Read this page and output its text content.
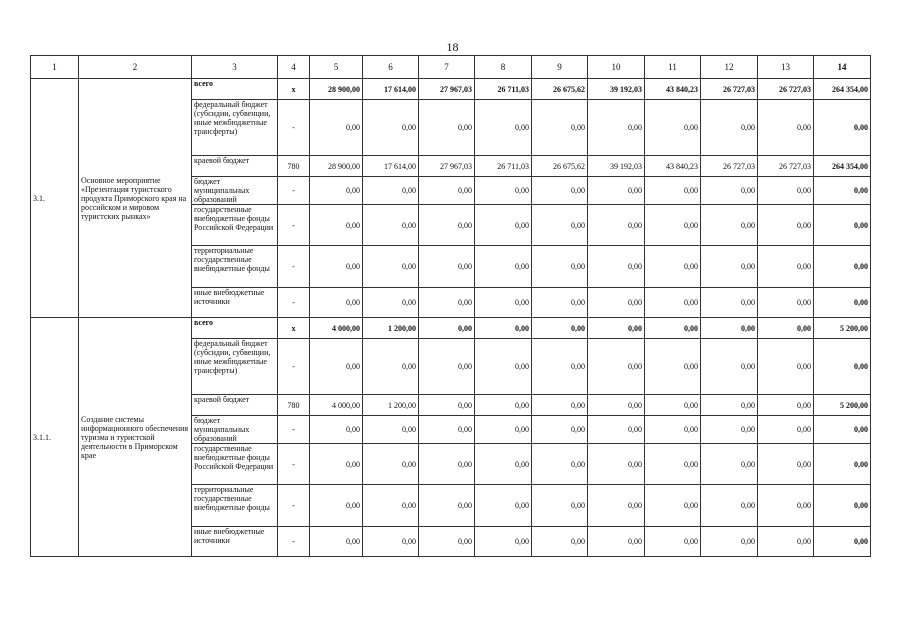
18
1	2	3	4	5	6	7	8	9	10	11	12	13	14
3.1.	Основное мероприятие «Презентация туристского продукта Приморского края на российском и мировом туристских рынках»	всего	x	28 900,00	17 614,00	27 967,03	26 711,03	26 675,62	39 192,03	43 840,23	26 727,03	26 727,03	264 354,00
		федеральный бюджет (субсидии, субвенции, иные межбюджетные трансферты)	-	0,00	0,00	0,00	0,00	0,00	0,00	0,00	0,00	0,00	0,00
		краевой бюджет	780	28 900,00	17 614,00	27 967,03	26 711,03	26 675,62	39 192,03	43 840,23	26 727,03	26 727,03	264 354,00
		бюджет муниципальных образований	-	0,00	0,00	0,00	0,00	0,00	0,00	0,00	0,00	0,00	0,00
		государственные внебюджетные фонды Российской Федерации	-	0,00	0,00	0,00	0,00	0,00	0,00	0,00	0,00	0,00	0,00
		территориальные государственные внебюджетные фонды	-	0,00	0,00	0,00	0,00	0,00	0,00	0,00	0,00	0,00	0,00
		иные внебюджетные источники	-	0,00	0,00	0,00	0,00	0,00	0,00	0,00	0,00	0,00	0,00
3.1.1.	Создание системы информационного обеспечения туризма и туристской деятельности в Приморском крае	всего	x	4 000,00	1 200,00	0,00	0,00	0,00	0,00	0,00	0,00	0,00	5 200,00
		федеральный бюджет (субсидии, субвенции, иные межбюджетные трансферты)	-	0,00	0,00	0,00	0,00	0,00	0,00	0,00	0,00	0,00	0,00
		краевой бюджет	780	4 000,00	1 200,00	0,00	0,00	0,00	0,00	0,00	0,00	0,00	5 200,00
		бюджет муниципальных образований	-	0,00	0,00	0,00	0,00	0,00	0,00	0,00	0,00	0,00	0,00
		государственные внебюджетные фонды Российской Федерации	-	0,00	0,00	0,00	0,00	0,00	0,00	0,00	0,00	0,00	0,00
		территориальные государственные внебюджетные фонды	-	0,00	0,00	0,00	0,00	0,00	0,00	0,00	0,00	0,00	0,00
		иные внебюджетные источники	-	0,00	0,00	0,00	0,00	0,00	0,00	0,00	0,00	0,00	0,00
